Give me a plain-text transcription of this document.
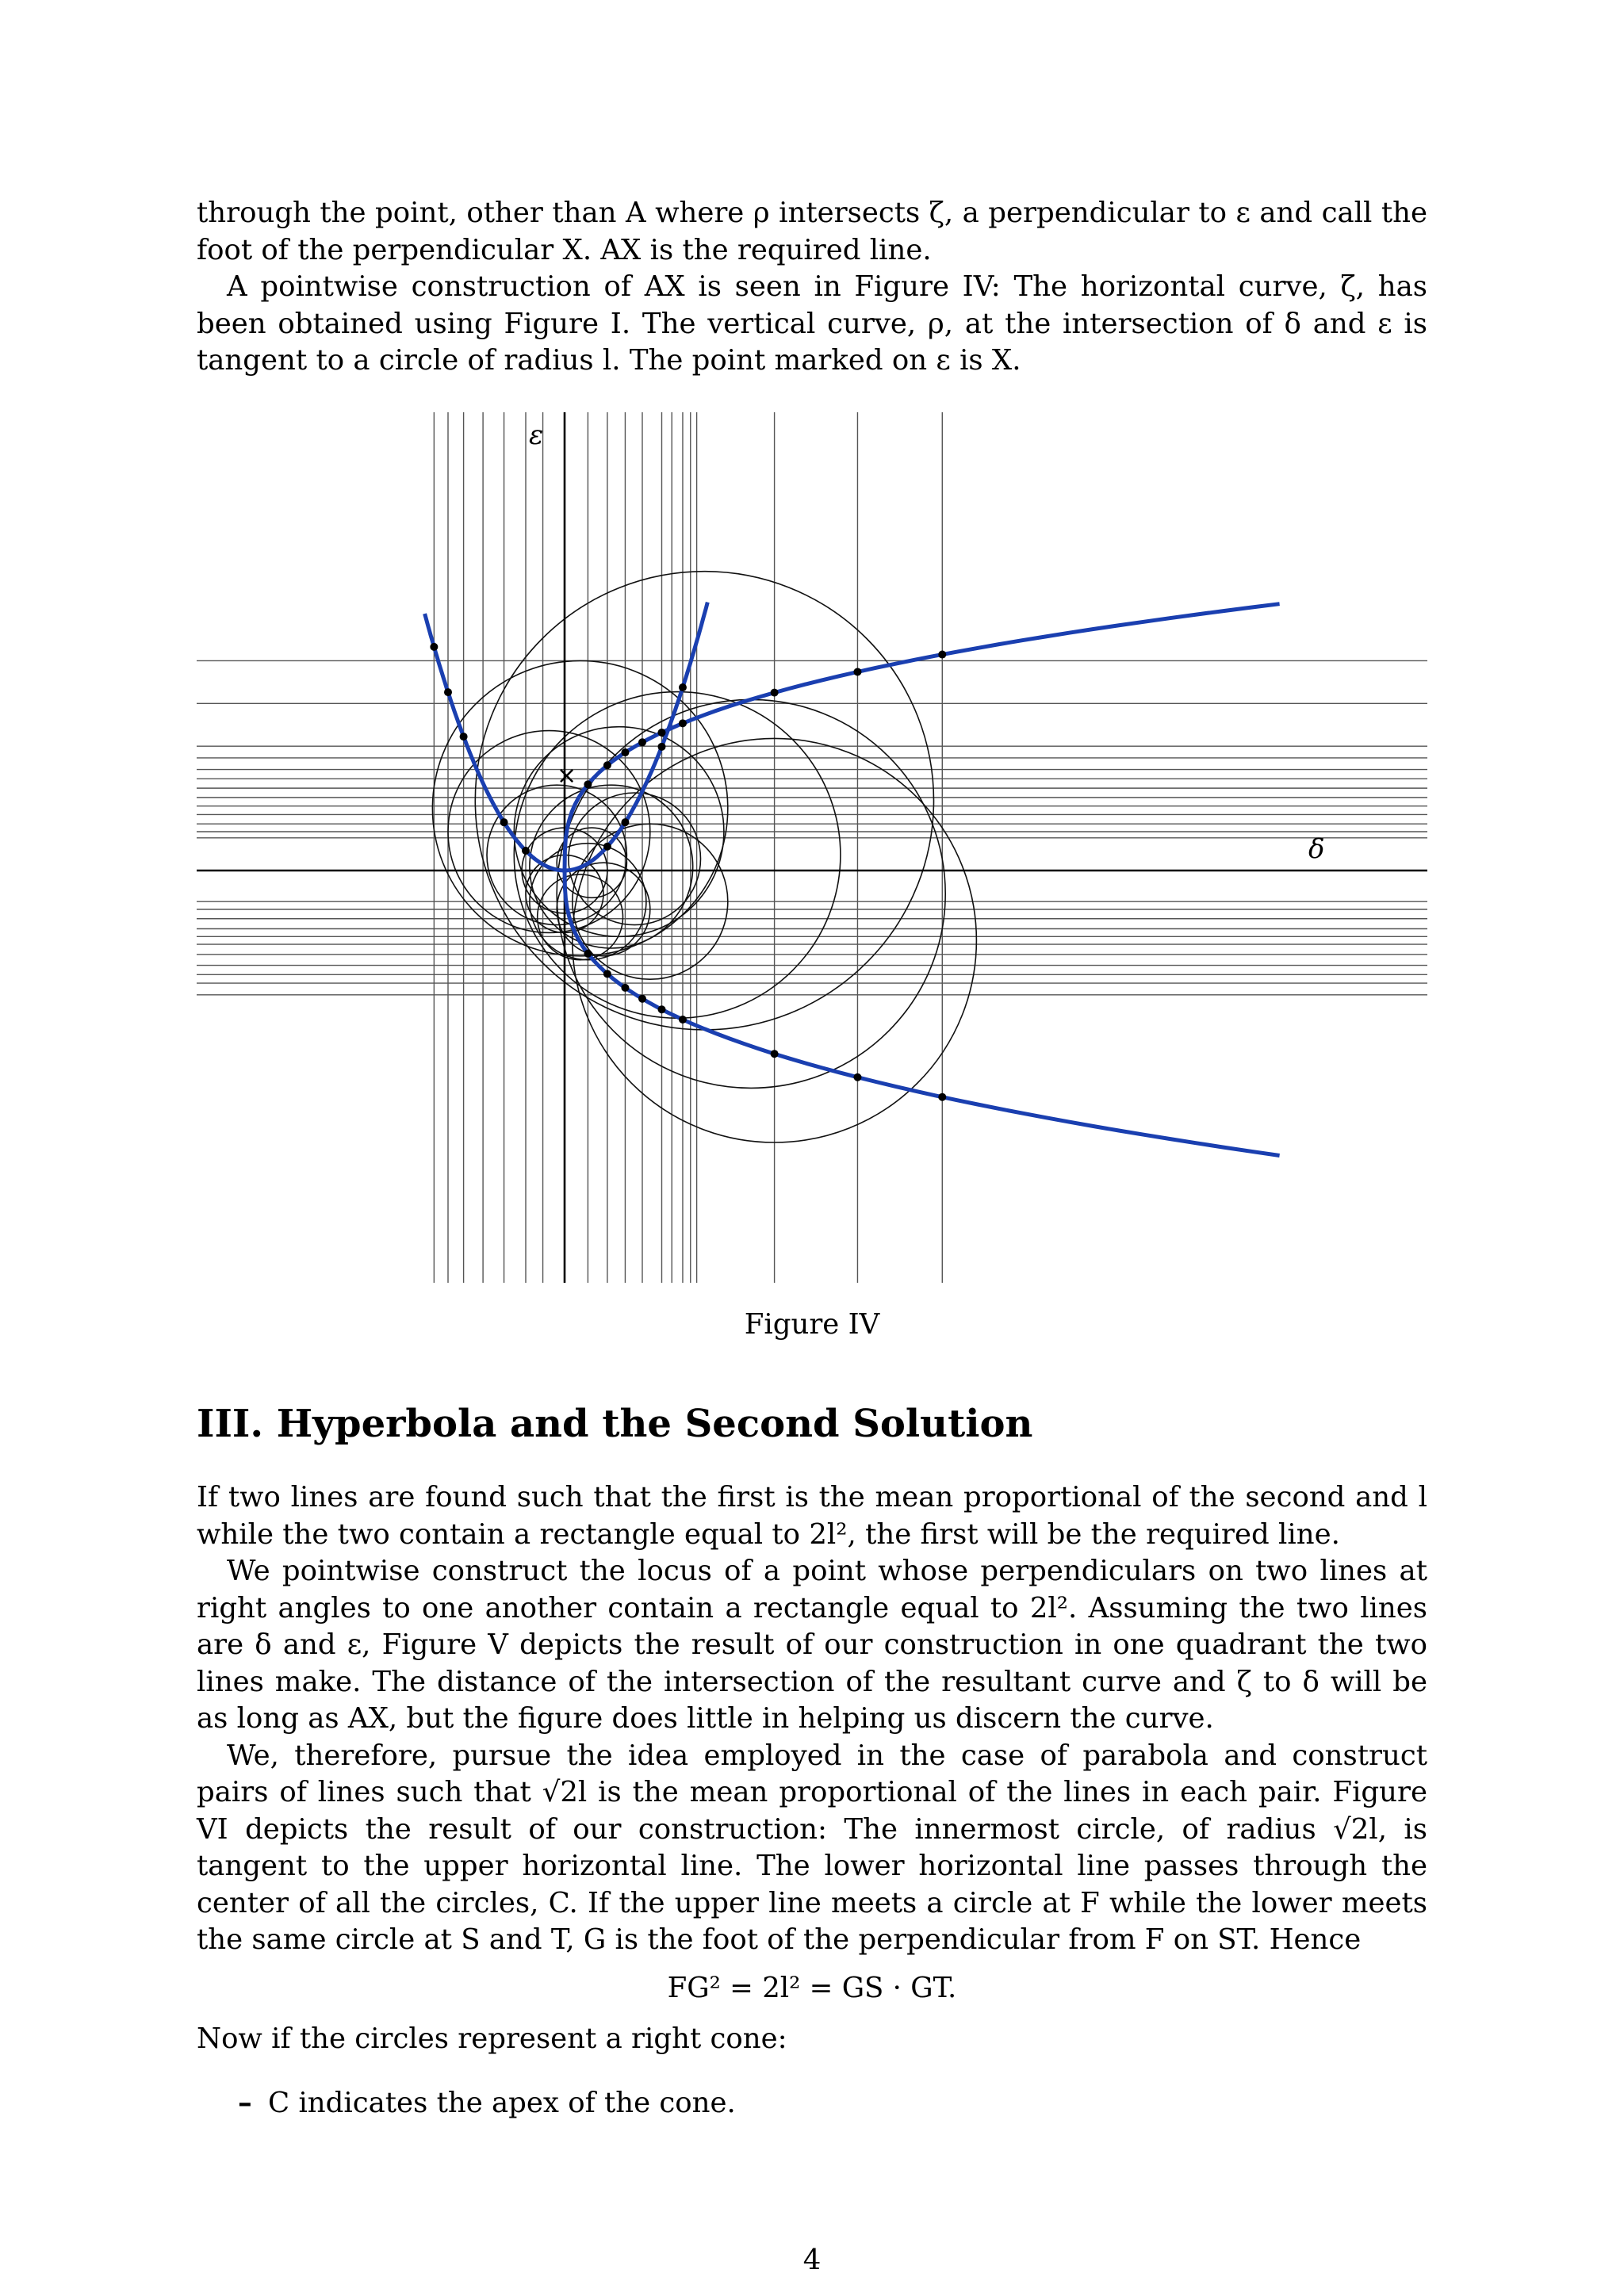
through the point, other than A where ρ intersects ζ, a perpendicular to ε and call the foot of the perpendicular X. AX is the required line.

A pointwise construction of AX is seen in Figure IV: The horizontal curve, ζ, has been obtained using Figure I. The vertical curve, ρ, at the intersection of δ and ε is tangent to a circle of radius l. The point marked on ε is X.

ε
δ
×
Figure IV
III. Hyperbola and the Second Solution

If two lines are found such that the first is the mean proportional of the second and l while the two contain a rectangle equal to 2l², the first will be the required line.

We pointwise construct the locus of a point whose perpendiculars on two lines at right angles to one another contain a rectangle equal to 2l². Assuming the two lines are δ and ε, Figure V depicts the result of our construction in one quadrant the two lines make. The distance of the intersection of the resultant curve and ζ to δ will be as long as AX, but the figure does little in helping us discern the curve.

We, therefore, pursue the idea employed in the case of parabola and construct pairs of lines such that √2l is the mean proportional of the lines in each pair. Figure VI depicts the result of our construction: The innermost circle, of radius √2l, is tangent to the upper horizontal line. The lower horizontal line passes through the center of all the circles, C. If the upper line meets a circle at F while the lower meets the same circle at S and T, G is the foot of the perpendicular from F on ST. Hence

FG² = 2l² = GS · GT.

Now if the circles represent a right cone:

– C indicates the apex of the cone.
4
